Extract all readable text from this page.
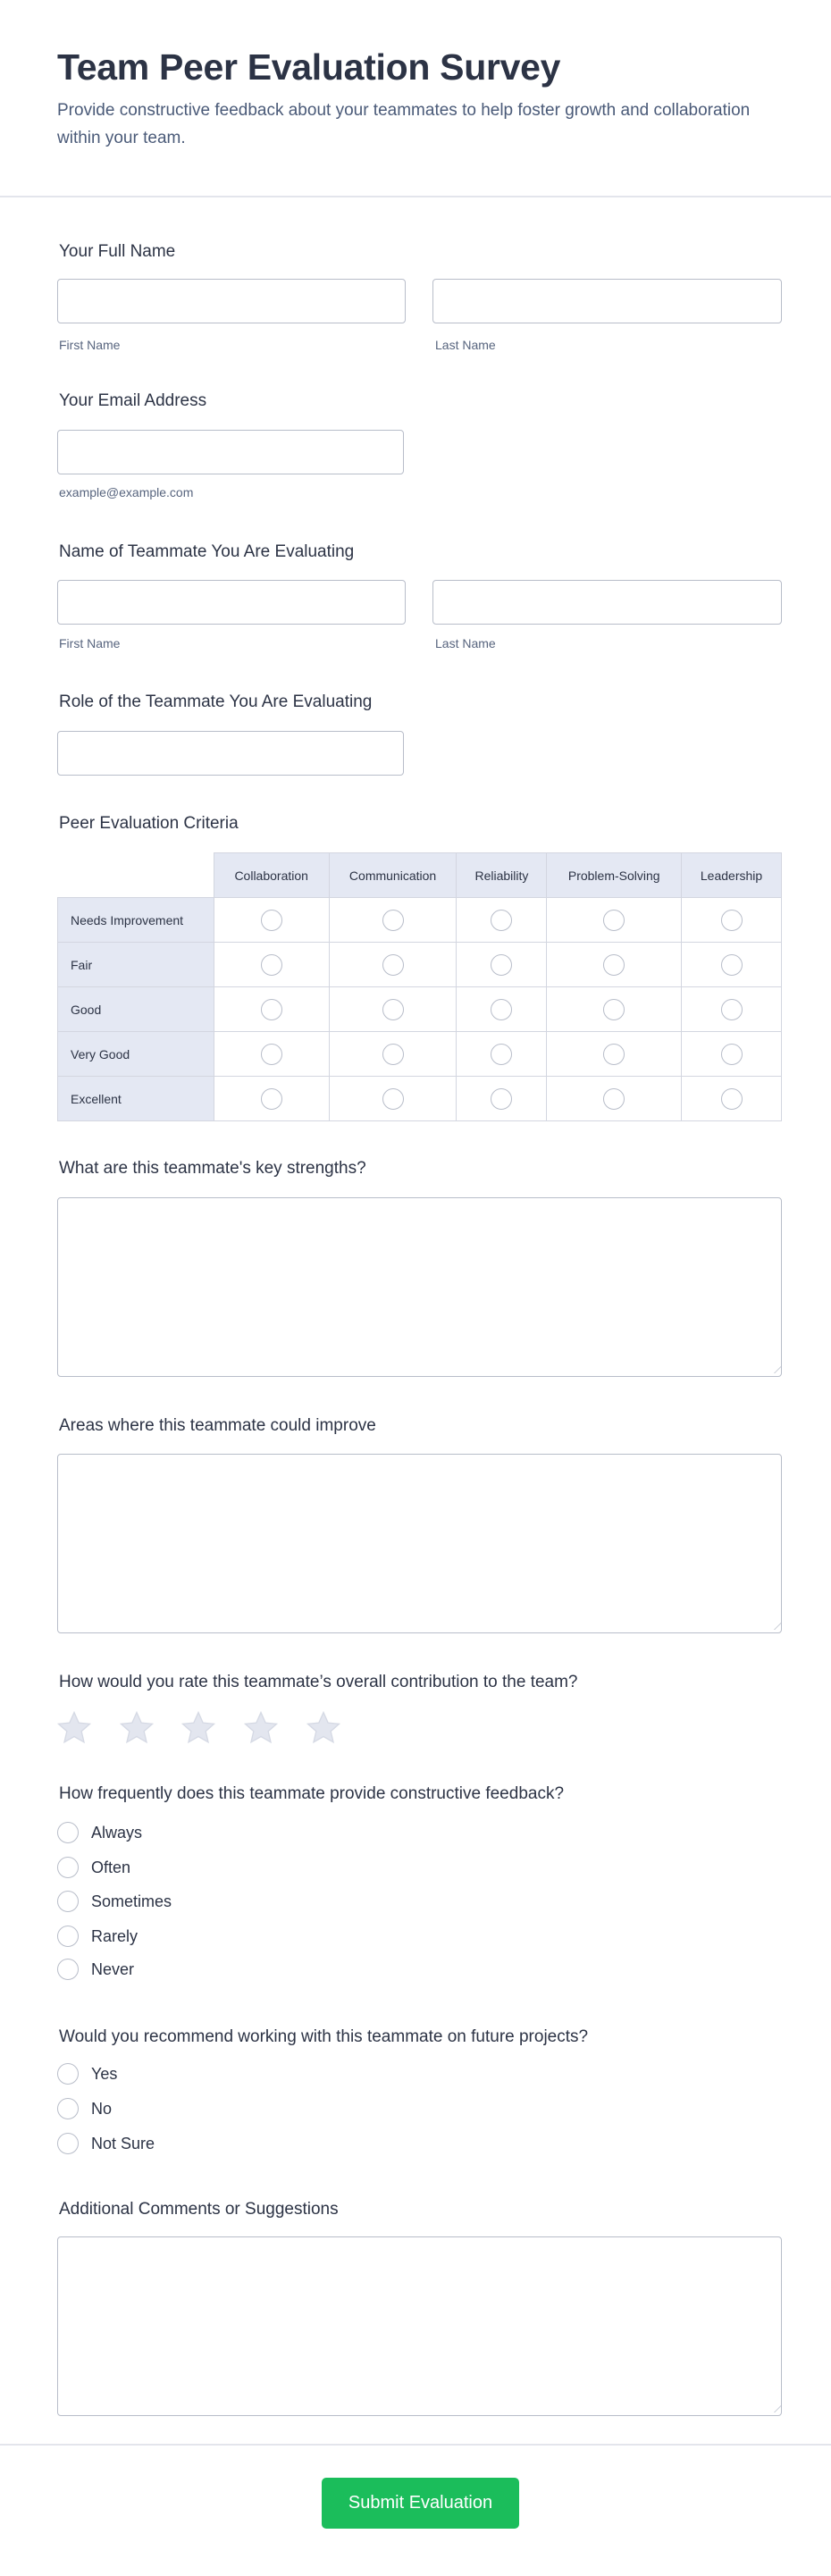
Team Peer Evaluation Survey
Provide constructive feedback about your teammates to help foster growth and collaboration within your team.
Your Full Name
First Name	Last Name
Your Email Address
example@example.com
Name of Teammate You Are Evaluating
First Name	Last Name
Role of the Teammate You Are Evaluating
Peer Evaluation Criteria
	Collaboration	Communication	Reliability	Problem-Solving	Leadership
Needs Improvement					
Fair					
Good					
Very Good					
Excellent					
What are this teammate's key strengths?
Areas where this teammate could improve
How would you rate this teammate’s overall contribution to the team?
How frequently does this teammate provide constructive feedback?
Always
Often
Sometimes
Rarely
Never
Would you recommend working with this teammate on future projects?
Yes
No
Not Sure
Additional Comments or Suggestions
Submit Evaluation
